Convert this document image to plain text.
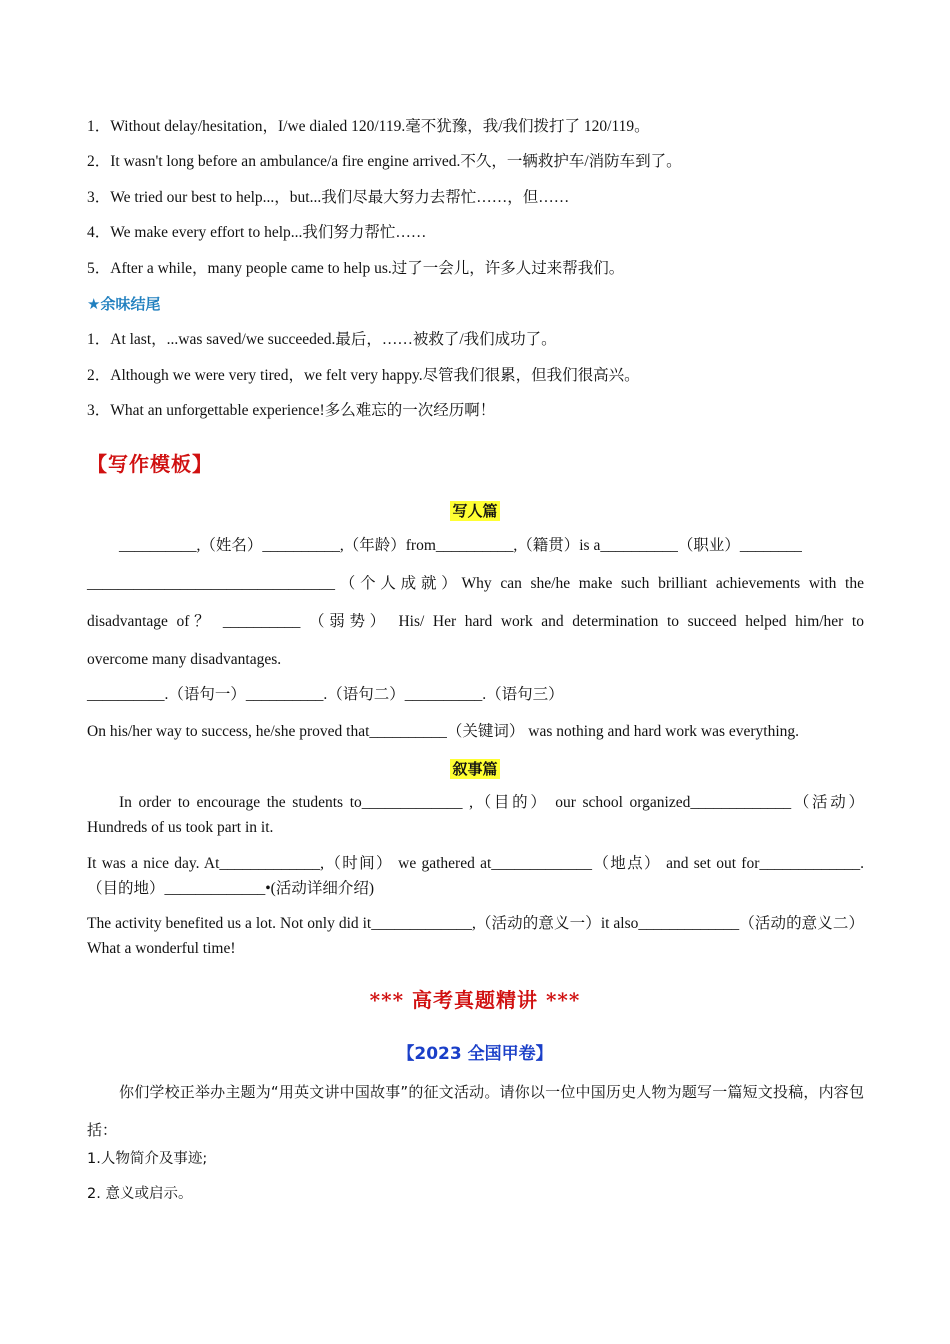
1．Without delay/hesitation，I/we dialed 120/119.毫不犹豫，我/我们拨打了 120/119。
2．It wasn't long before an ambulance/a fire engine arrived.不久，一辆救护车/消防车到了。
3．We tried our best to help...，but...我们尽最大努力去帮忙……，但……
4．We make every effort to help...我们努力帮忙……
5．After a while，many people came to help us.过了一会儿，许多人过来帮我们。
★余味结尾
1．At last，...was saved/we succeeded.最后，……被救了/我们成功了。
2．Although we were very tired，we felt very happy.尽管我们很累，但我们很高兴。
3．What an unforgettable experience!多么难忘的一次经历啊！
【写作模板】
写人篇
__________,（姓名）__________,（年龄）from__________,（籍贯）is a__________（职业）________
________________________________（个人成就）Why can she/he make such brilliant achievements with the
disadvantage of？ __________ （弱势） His/ Her hard work and determination to succeed helped him/her to
overcome many disadvantages.
__________.（语句一）__________.（语句二）__________.（语句三）
On his/her way to success, he/she proved that__________（关键词） was nothing and hard work was everything.
叙事篇
In order to encourage the students to_____________ ,（目的） our school organized_____________（活动）Hundreds of us took part in it.
It was a nice day. At_____________,（时间） we gathered at_____________（地点） and set out for_____________.（目的地）_____________•(活动详细介绍)
The activity benefited us a lot. Not only did it_____________,（活动的意义一）it also_____________（活动的意义二）What a wonderful time!
*** 高考真题精讲 ***
【2023 全国甲卷】
你们学校正举办主题为“用英文讲中国故事”的征文活动。请你以一位中国历史人物为题写一篇短文投稿，内容包括：
1.人物简介及事迹;
2. 意义或启示。
